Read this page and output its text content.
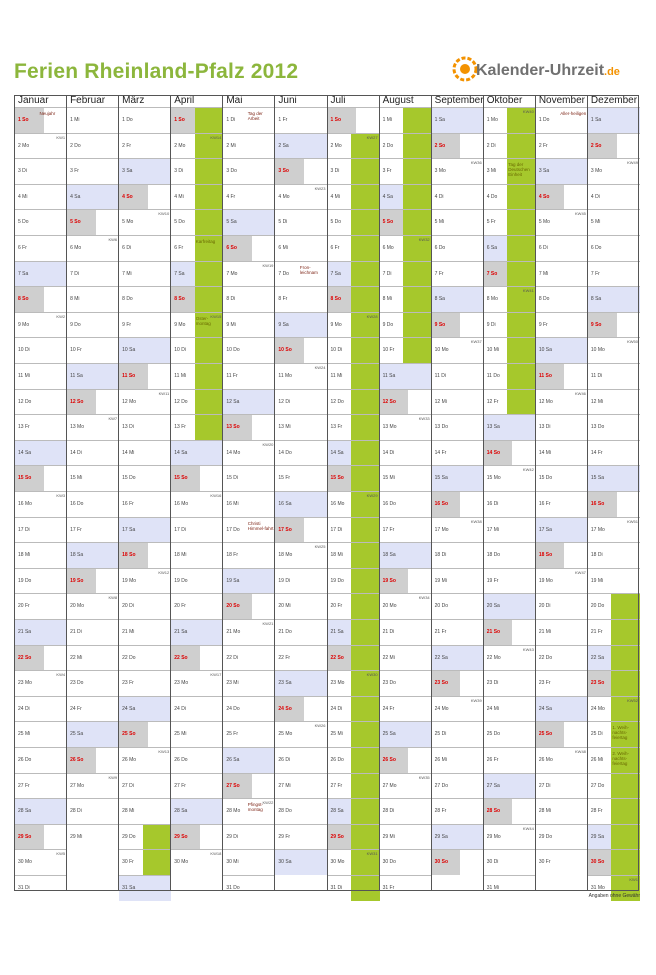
Ferien Rheinland-Pfalz 2012	Kalender-Uhrzeit.de
Januar
1 So
Neujahr
2 Mo
KW1
3 Di
4 Mi
5 Do
6 Fr
7 Sa
8 So
9 Mo
KW2
10 Di
11 Mi
12 Do
13 Fr
14 Sa
15 So
16 Mo
KW3
17 Di
18 Mi
19 Do
20 Fr
21 Sa
22 So
23 Mo
KW4
24 Di
25 Mi
26 Do
27 Fr
28 Sa
29 So
30 Mo
KW5
31 Di
Februar
1 Mi
2 Do
3 Fr
4 Sa
5 So
6 Mo
KW6
7 Di
8 Mi
9 Do
10 Fr
11 Sa
12 So
13 Mo
KW7
14 Di
15 Mi
16 Do
17 Fr
18 Sa
19 So
20 Mo
KW8
21 Di
22 Mi
23 Do
24 Fr
25 Sa
26 So
27 Mo
KW9
28 Di
29 Mi
März
1 Do
2 Fr
3 Sa
4 So
5 Mo
KW10
6 Di
7 Mi
8 Do
9 Fr
10 Sa
11 So
12 Mo
KW11
13 Di
14 Mi
15 Do
16 Fr
17 Sa
18 So
19 Mo
KW12
20 Di
21 Mi
22 Do
23 Fr
24 Sa
25 So
26 Mo
KW13
27 Di
28 Mi
29 Do
30 Fr
31 Sa
April
1 So
2 Mo
KW14
3 Di
4 Mi
5 Do
6 Fr
Karfreitag
7 Sa
8 So
9 Mo
KW15
Oster-montag
10 Di
11 Mi
12 Do
13 Fr
14 Sa
15 So
16 Mo
KW16
17 Di
18 Mi
19 Do
20 Fr
21 Sa
22 So
23 Mo
KW17
24 Di
25 Mi
26 Do
27 Fr
28 Sa
29 So
30 Mo
KW18
Mai
1 Di
Tag der Arbeit
2 Mi
3 Do
4 Fr
5 Sa
6 So
7 Mo
KW19
8 Di
9 Mi
10 Do
11 Fr
12 Sa
13 So
14 Mo
KW20
15 Di
16 Mi
17 Do
Christi Himmel-fahrt
18 Fr
19 Sa
20 So
21 Mo
KW21
22 Di
23 Mi
24 Do
25 Fr
26 Sa
27 So
28 Mo
KW22
Pfingst-montag
29 Di
30 Mi
31 Do
Juni
1 Fr
2 Sa
3 So
4 Mo
KW23
5 Di
6 Mi
7 Do
Fron-leichnam
8 Fr
9 Sa
10 So
11 Mo
KW24
12 Di
13 Mi
14 Do
15 Fr
16 Sa
17 So
18 Mo
KW25
19 Di
20 Mi
21 Do
22 Fr
23 Sa
24 So
25 Mo
KW26
26 Di
27 Mi
28 Do
29 Fr
30 Sa
Juli
1 So
2 Mo
KW27
3 Di
4 Mi
5 Do
6 Fr
7 Sa
8 So
9 Mo
KW28
10 Di
11 Mi
12 Do
13 Fr
14 Sa
15 So
16 Mo
KW29
17 Di
18 Mi
19 Do
20 Fr
21 Sa
22 So
23 Mo
KW30
24 Di
25 Mi
26 Do
27 Fr
28 Sa
29 So
30 Mo
KW31
31 Di
August
1 Mi
2 Do
3 Fr
4 Sa
5 So
6 Mo
KW32
7 Di
8 Mi
9 Do
10 Fr
11 Sa
12 So
13 Mo
KW33
14 Di
15 Mi
16 Do
17 Fr
18 Sa
19 So
20 Mo
KW34
21 Di
22 Mi
23 Do
24 Fr
25 Sa
26 So
27 Mo
KW35
28 Di
29 Mi
30 Do
31 Fr
September
1 Sa
2 So
3 Mo
KW36
4 Di
5 Mi
6 Do
7 Fr
8 Sa
9 So
10 Mo
KW37
11 Di
12 Mi
13 Do
14 Fr
15 Sa
16 So
17 Mo
KW38
18 Di
19 Mi
20 Do
21 Fr
22 Sa
23 So
24 Mo
KW39
25 Di
26 Mi
27 Do
28 Fr
29 Sa
30 So
Oktober
1 Mo
KW40
2 Di
3 Mi
Tag der Deutschen Einheit
4 Do
5 Fr
6 Sa
7 So
8 Mo
KW41
9 Di
10 Mi
11 Do
12 Fr
13 Sa
14 So
15 Mo
KW42
16 Di
17 Mi
18 Do
19 Fr
20 Sa
21 So
22 Mo
KW43
23 Di
24 Mi
25 Do
26 Fr
27 Sa
28 So
29 Mo
KW44
30 Di
31 Mi
November
1 Do
Aller-heiligen
2 Fr
3 Sa
4 So
5 Mo
KW45
6 Di
7 Mi
8 Do
9 Fr
10 Sa
11 So
12 Mo
KW46
13 Di
14 Mi
15 Do
16 Fr
17 Sa
18 So
19 Mo
KW47
20 Di
21 Mi
22 Do
23 Fr
24 Sa
25 So
26 Mo
KW48
27 Di
28 Mi
29 Do
30 Fr
Dezember
1 Sa
2 So
3 Mo
KW49
4 Di
5 Mi
6 Do
7 Fr
8 Sa
9 So
10 Mo
KW50
11 Di
12 Mi
13 Do
14 Fr
15 Sa
16 So
17 Mo
KW51
18 Di
19 Mi
20 Do
21 Fr
22 Sa
23 So
24 Mo
KW52
25 Di
1. Weih-nachts-feiertag
26 Mi
2. Weih-nachts-feiertag
27 Do
28 Fr
29 Sa
30 So
31 Mo
KW1
Angaben ohne Gewähr
